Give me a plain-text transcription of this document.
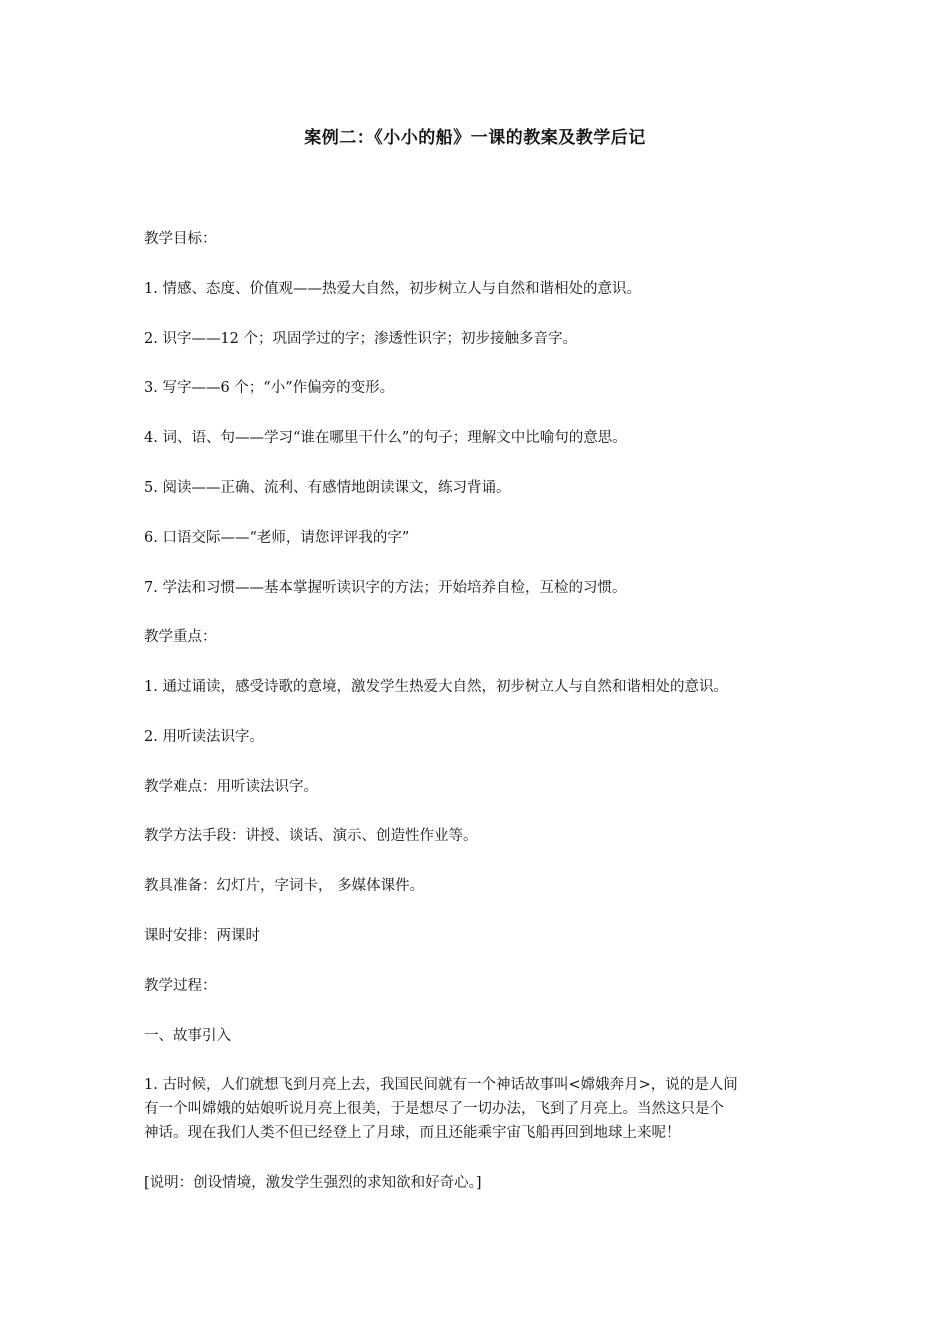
案例二：《小小的船》一课的教案及教学后记
教学目标：
1. 情感、态度、价值观——热爱大自然，初步树立人与自然和谐相处的意识。
2. 识字——12 个；巩固学过的字；渗透性识字；初步接触多音字。
3. 写字——6 个；“小”作偏旁的变形。
4. 词、语、句——学习“谁在哪里干什么”的句子；理解文中比喻句的意思。
5. 阅读——正确、流利、有感情地朗读课文，练习背诵。
6. 口语交际——“老师，请您评评我的字”
7. 学法和习惯——基本掌握听读识字的方法；开始培养自检，互检的习惯。
教学重点：
1. 通过诵读，感受诗歌的意境，激发学生热爱大自然，初步树立人与自然和谐相处的意识。
2. 用听读法识字。
教学难点：用听读法识字。
教学方法手段：讲授、谈话、演示、创造性作业等。
教具准备：幻灯片，字词卡， 多媒体课件。
课时安排：两课时
教学过程：
一、故事引入
1. 古时候，人们就想飞到月亮上去，我国民间就有一个神话故事叫<嫦娥奔月>，说的是人间
有一个叫嫦娥的姑娘听说月亮上很美，于是想尽了一切办法，飞到了月亮上。当然这只是个
神话。现在我们人类不但已经登上了月球，而且还能乘宇宙飞船再回到地球上来呢！
[说明：创设情境，激发学生强烈的求知欲和好奇心。]
